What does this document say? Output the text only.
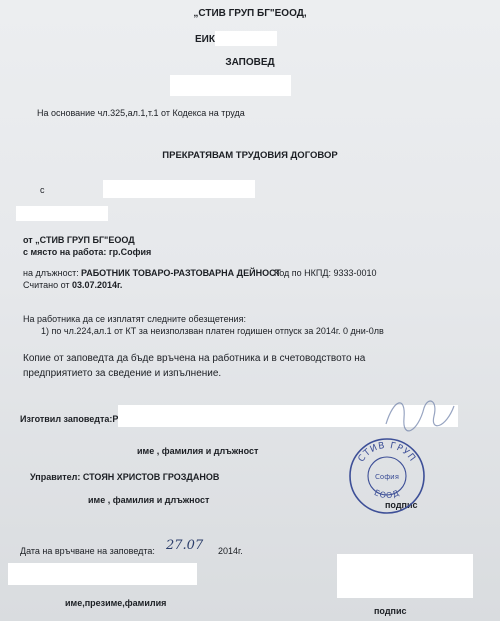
„СТИВ ГРУП БГ"ЕООД,
ЕИК
ЗАПОВЕД
На основание чл.325,ал.1,т.1 от Кодекса на труда
ПРЕКРАТЯВАМ ТРУДОВИЯ ДОГОВОР
с
от „СТИВ ГРУП БГ"ЕООД
с място на работа: гр.София
на длъжност: РАБОТНИК ТОВАРО-РАЗТОВАРНА ДЕЙНОСТ
Код по НКПД: 9333-0010
Считано от 03.07.2014г.
На работника да се изплатят следните обезщетения:
1) по чл.224,ал.1 от КТ за неизползван платен годишен отпуск за 2014г. 0 дни-0лв
Копие от заповедта да бъде връчена на работника и в счетоводството на
предприятието за сведение и изпълнение.
Изготвил заповедта:Р
име , фамилия и длъжност
Управител: СТОЯН ХРИСТОВ ГРОЗДАНОВ
име , фамилия и длъжност	подпис
Дата на връчване на заповедта: 27.07 2014г.
име,презиме,фамилия
подпис
СТИВ ГРУП
ЕООД
София
